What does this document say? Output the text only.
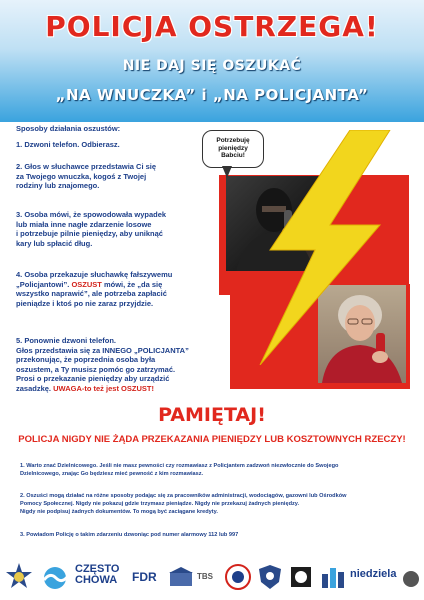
POLICJA OSTRZEGA!
NIE DAJ SIĘ OSZUKAĆ
„NA WNUCZKA” i „NA POLICJANTA”
Sposoby działania oszustów:
1. Dzwoni telefon. Odbierasz.
2. Głos w słuchawce przedstawia Ci się
za Twojego wnuczka, kogoś z Twojej
rodziny lub znajomego.
3. Osoba mówi, że spowodowała wypadek
lub miała inne nagłe zdarzenie losowe
i potrzebuje pilnie pieniędzy, aby uniknąć
kary lub spłacić dług.
4. Osoba przekazuje słuchawkę fałszywemu
„Policjantowi”. OSZUST mówi, że „da się
wszystko naprawić”, ale potrzeba zapłacić
pieniądze i ktoś po nie zaraz przyjdzie.
5. Ponownie dzwoni telefon.
Głos przedstawia się za INNEGO „POLICJANTA”
przekonując, że poprzednia osoba była
oszustem, a Ty musisz pomóc go zatrzymać.
Prosi o przekazanie pieniędzy aby urządzić
zasadzkę. UWAGA-to też jest OSZUST!
Potrzebuję
pieniędzy
Babciu!
PAMIĘTAJ!
POLICJA NIGDY NIE ŻĄDA PRZEKAZANIA PIENIĘDZY LUB KOSZTOWNYCH RZECZY!
1. Warto znać Dzielnicowego. Jeśli nie masz pewności czy rozmawiasz z Policjantem zadzwoń niezwłocznie do Swojego
Dzielnicowego, znając Go będziesz mieć pewność z kim rozmawiasz.
2. Oszuści mogą działać na różne sposoby podając się za pracowników administracji, wodociągów, gazowni lub Ośrodków
Pomocy Społecznej. Nigdy nie pokazuj gdzie trzymasz pieniądze. Nigdy nie przekazuj żadnych pieniędzy.
Nigdy nie podpisuj żadnych dokumentów. To mogą być zaciągane kredyty.
3. Powiadom Policję o takim zdarzeniu dzwoniąc pod numer alarmowy 112 lub 997
CZĘSTO
CHOWA FDR	TBS	niedziela
